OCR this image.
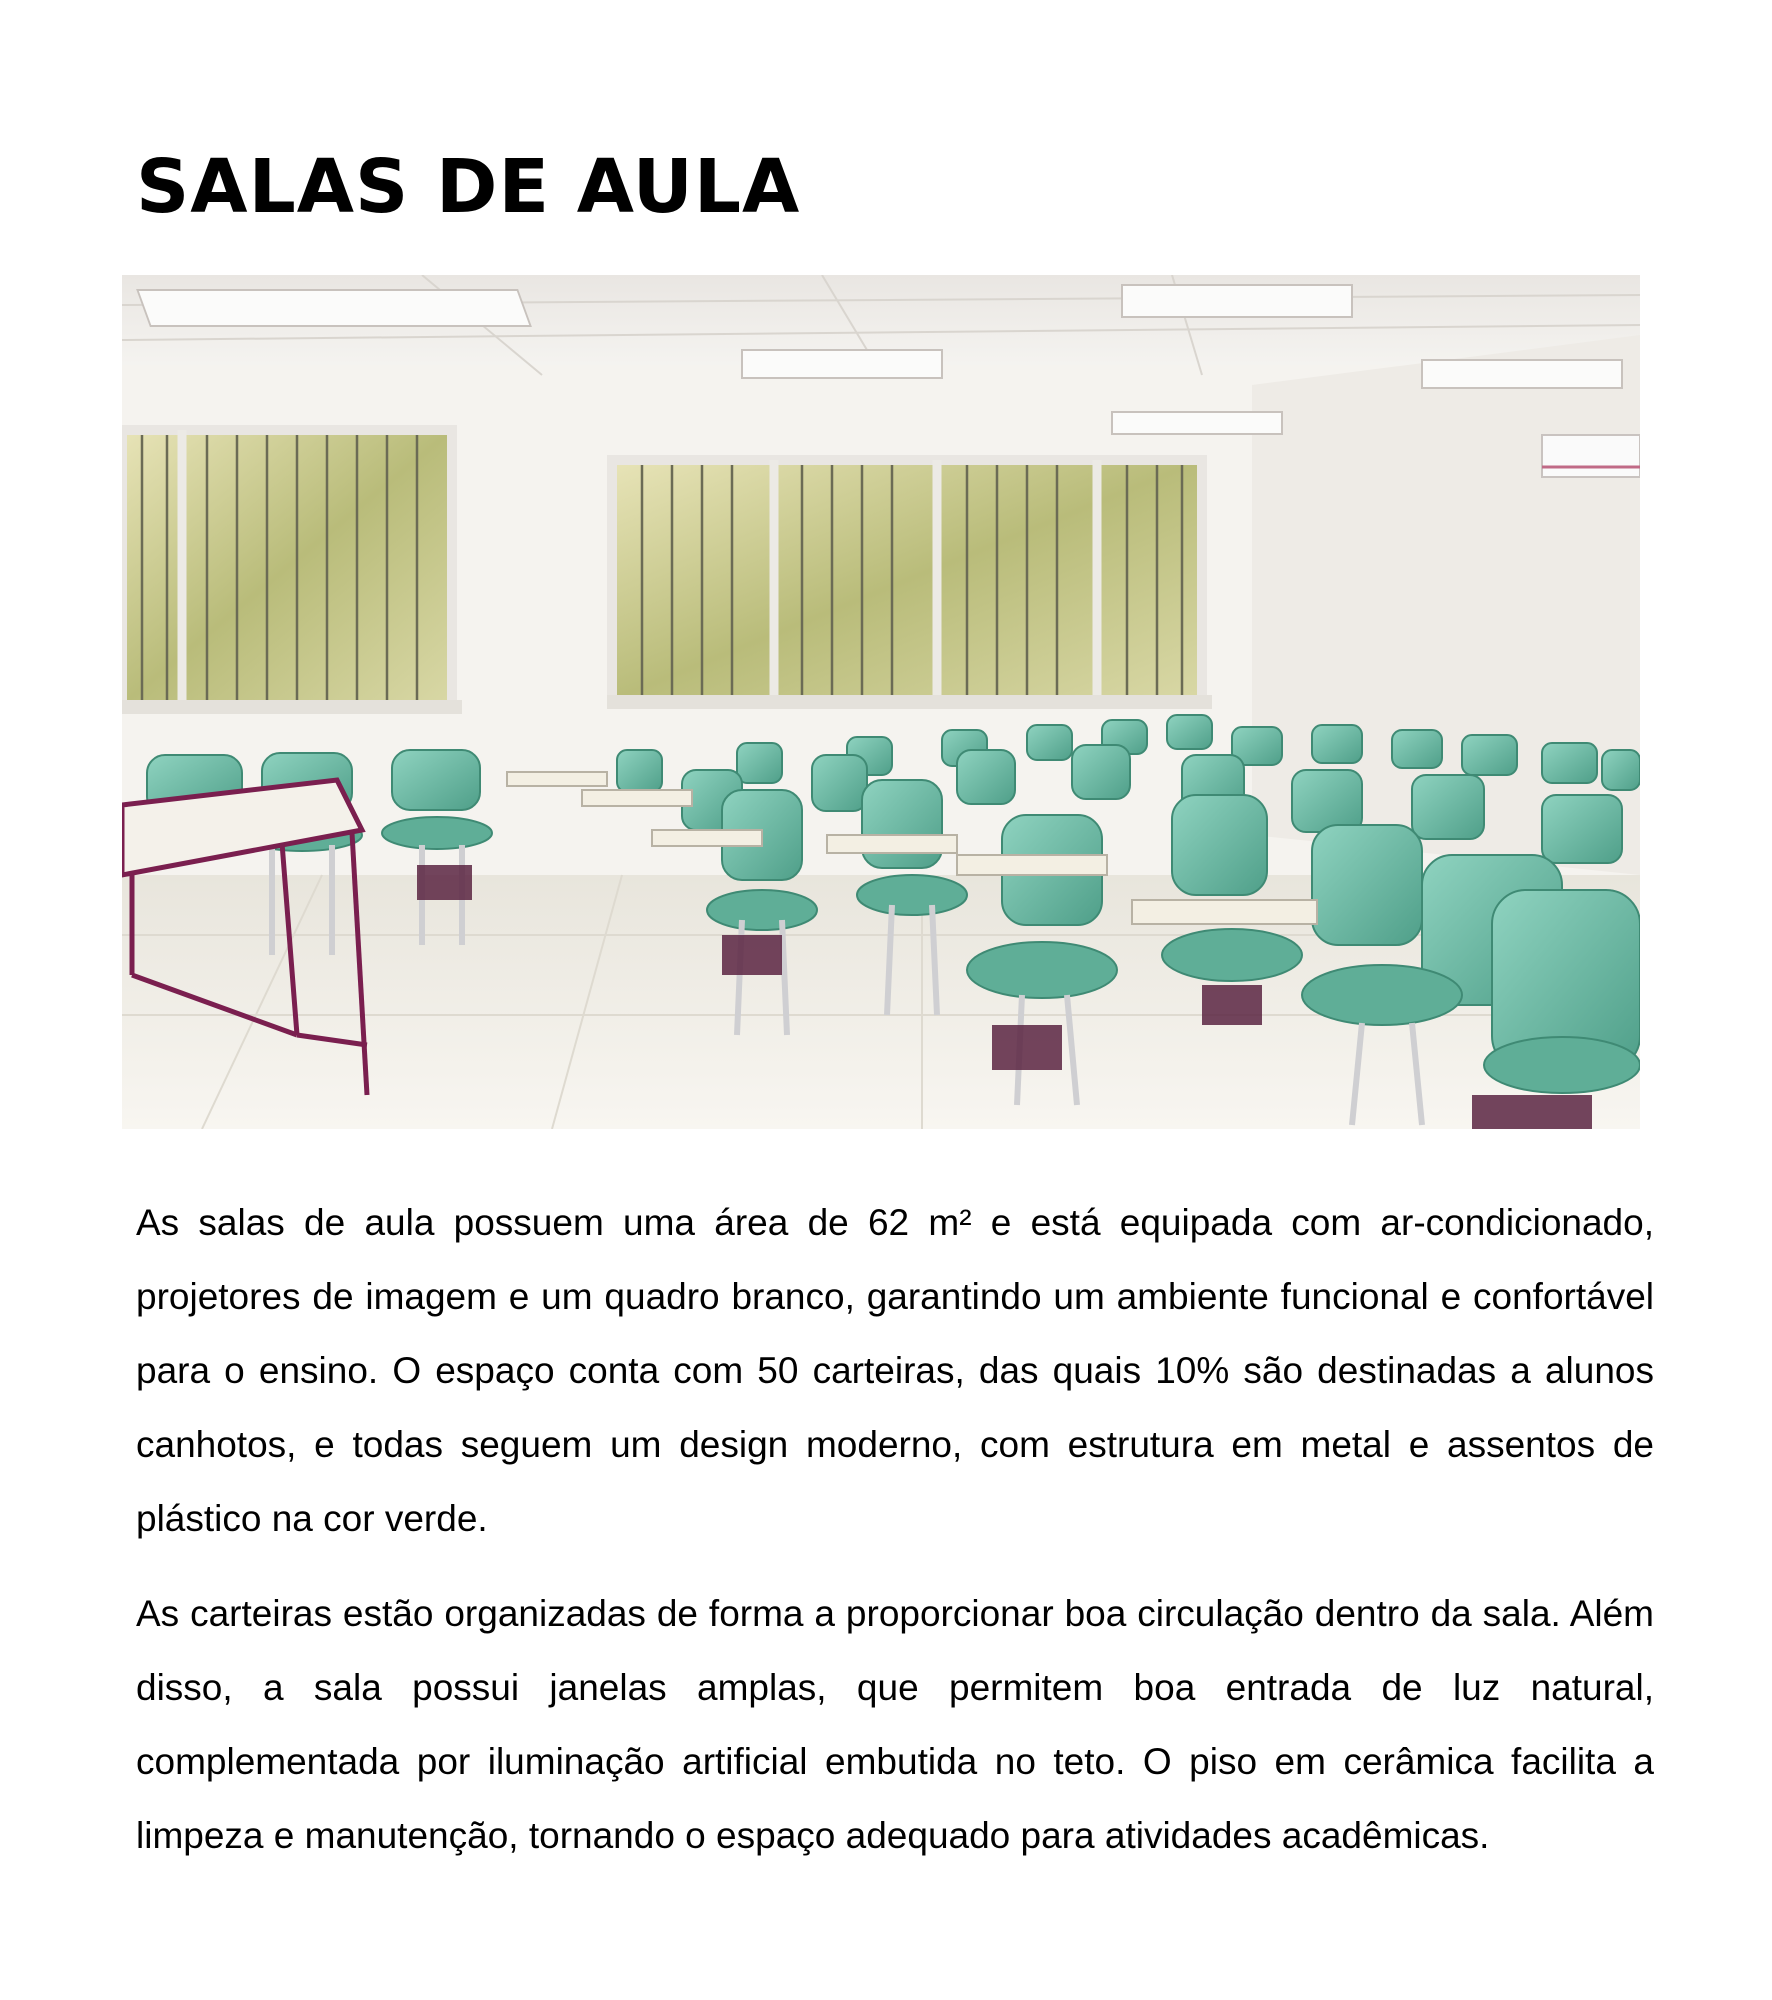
SALAS DE AULA

As salas de aula possuem uma área de 62 m² e está equipada com ar-condicionado, projetores de imagem e um quadro branco, garantindo um ambiente funcional e confortável para o ensino. O espaço conta com 50 carteiras, das quais 10% são destinadas a alunos canhotos, e todas seguem um design moderno, com estrutura em metal e assentos de plástico na cor verde.

As carteiras estão organizadas de forma a proporcionar boa circulação dentro da sala. Além disso, a sala possui janelas amplas, que permitem boa entrada de luz natural, complementada por iluminação artificial embutida no teto. O piso em cerâmica facilita a limpeza e manutenção, tornando o espaço adequado para atividades acadêmicas.
